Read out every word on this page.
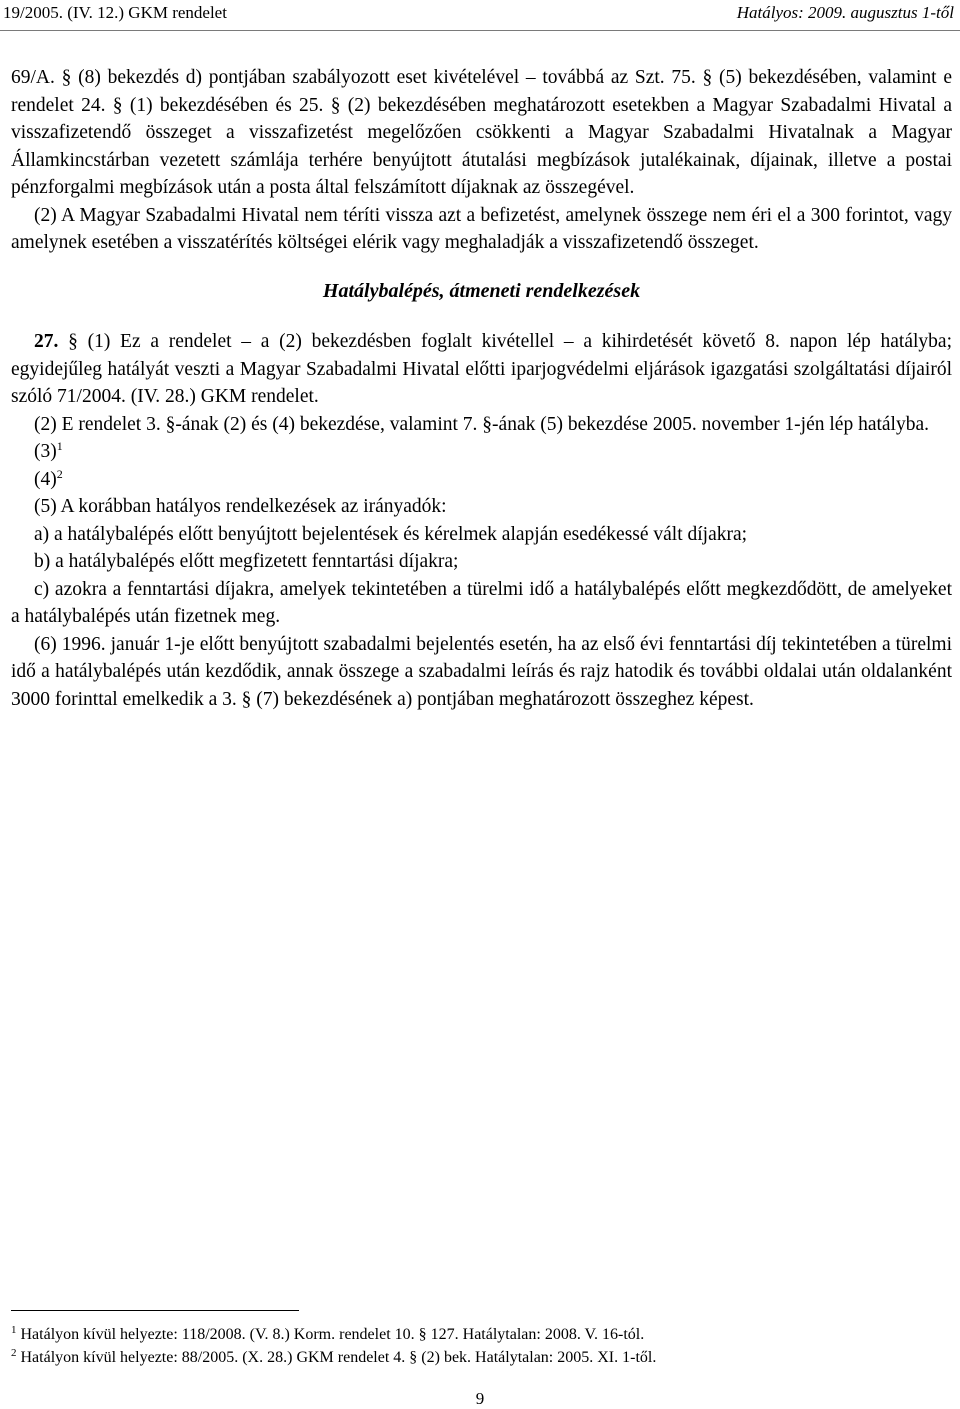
19/2005. (IV. 12.) GKM rendelet	Hatályos: 2009. augusztus 1-től

69/A. § (8) bekezdés d) pontjában szabályozott eset kivételével – továbbá az Szt. 75. § (5) bekezdésében, valamint e rendelet 24. § (1) bekezdésében és 25. § (2) bekezdésében meghatározott esetekben a Magyar Szabadalmi Hivatal a visszafizetendő összeget a visszafizetést megelőzően csökkenti a Magyar Szabadalmi Hivatalnak a Magyar Államkincstárban vezetett számlája terhére benyújtott átutalási megbízások jutalékainak, díjainak, illetve a postai pénzforgalmi megbízások után a posta által felszámított díjaknak az összegével.

(2) A Magyar Szabadalmi Hivatal nem téríti vissza azt a befizetést, amelynek összege nem éri el a 300 forintot, vagy amelynek esetében a visszatérítés költségei elérik vagy meghaladják a visszafizetendő összeget.

Hatálybalépés, átmeneti rendelkezések

27. § (1) Ez a rendelet – a (2) bekezdésben foglalt kivétellel – a kihirdetését követő 8. napon lép hatályba; egyidejűleg hatályát veszti a Magyar Szabadalmi Hivatal előtti iparjogvédelmi eljárások igazgatási szolgáltatási díjairól szóló 71/2004. (IV. 28.) GKM rendelet.

(2) E rendelet 3. §-ának (2) és (4) bekezdése, valamint 7. §-ának (5) bekezdése 2005. november 1-jén lép hatályba.

$(3)^1$

$(4)^2$

(5) A korábban hatályos rendelkezések az irányadók:

a) a hatálybalépés előtt benyújtott bejelentések és kérelmek alapján esedékessé vált díjakra;

b) a hatálybalépés előtt megfizetett fenntartási díjakra;

c) azokra a fenntartási díjakra, amelyek tekintetében a türelmi idő a hatálybalépés előtt megkezdődött, de amelyeket a hatálybalépés után fizetnek meg.

(6) 1996. január 1-je előtt benyújtott szabadalmi bejelentés esetén, ha az első évi fenntartási díj tekintetében a türelmi idő a hatálybalépés után kezdődik, annak összege a szabadalmi leírás és rajz hatodik és további oldalai után oldalanként 3000 forinttal emelkedik a 3. § (7) bekezdésének a) pontjában meghatározott összeghez képest.

$^1$ Hatályon kívül helyezte: 118/2008. (V. 8.) Korm. rendelet 10. § 127. Hatálytalan: 2008. V. 16-tól.

$^2$ Hatályon kívül helyezte: 88/2005. (X. 28.) GKM rendelet 4. § (2) bek. Hatálytalan: 2005. XI. 1-től.

9
